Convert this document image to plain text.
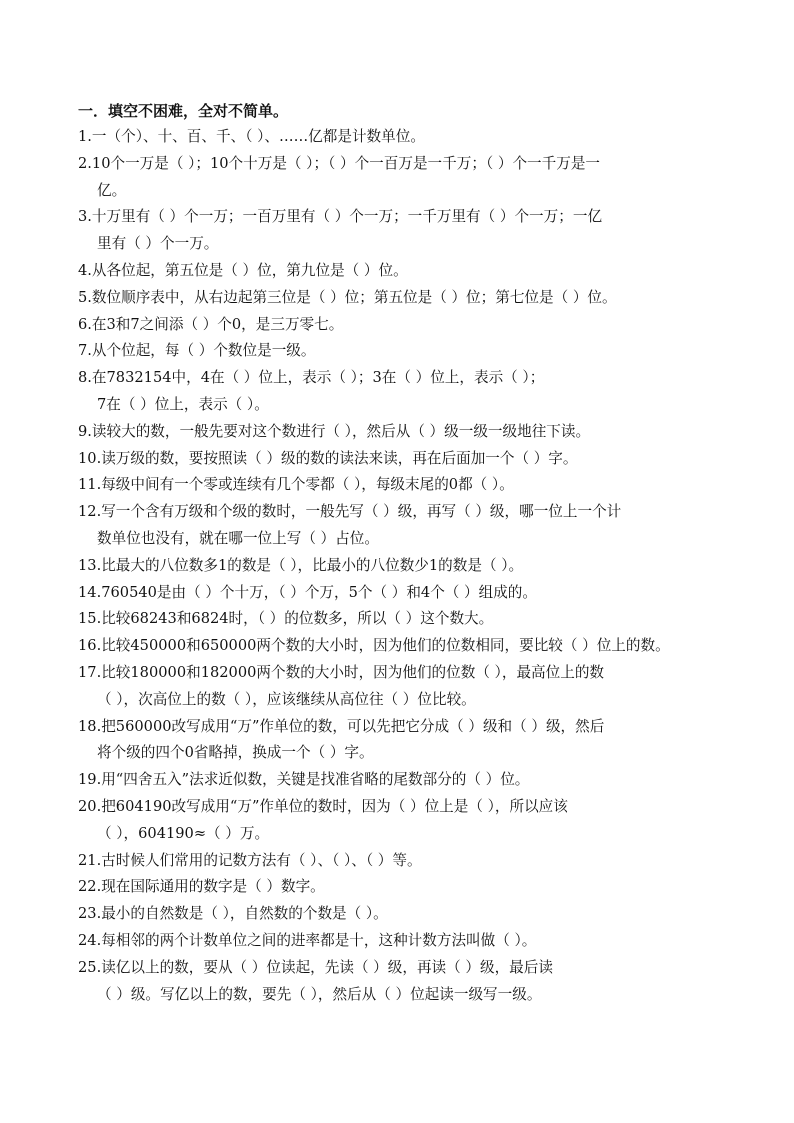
一．填空不困难，全对不简单。
1.一（个）、十、百、千、（ ）、……亿都是计数单位。
2.10个一万是（ ）；10个十万是（ ）；（ ）个一百万是一千万；（ ）个一千万是一
亿。
3.十万里有（ ）个一万；一百万里有（ ）个一万；一千万里有（ ）个一万；一亿
里有（ ）个一万。
4.从各位起，第五位是（ ）位，第九位是（ ）位。
5.数位顺序表中，从右边起第三位是（ ）位；第五位是（ ）位；第七位是（ ）位。
6.在3和7之间添（ ）个0，是三万零七。
7.从个位起，每（ ）个数位是一级。
8.在7832154中，4在（ ）位上，表示（ ）；3在（ ）位上，表示（ ）；
7在（ ）位上，表示（ ）。
9.读较大的数，一般先要对这个数进行（ ），然后从（ ）级一级一级地往下读。
10.读万级的数，要按照读（ ）级的数的读法来读，再在后面加一个（ ）字。
11.每级中间有一个零或连续有几个零都（ ），每级末尾的0都（ ）。
12.写一个含有万级和个级的数时，一般先写（ ）级，再写（ ）级，哪一位上一个计
数单位也没有，就在哪一位上写（ ）占位。
13.比最大的八位数多1的数是（ ），比最小的八位数少1的数是（ ）。
14.760540是由（ ）个十万，（ ）个万，5个（ ）和4个（ ）组成的。
15.比较68243和6824时，（ ）的位数多，所以（ ）这个数大。
16.比较450000和650000两个数的大小时，因为他们的位数相同，要比较（ ）位上的数。
17.比较180000和182000两个数的大小时，因为他们的位数（ ），最高位上的数
（ ），次高位上的数（ ），应该继续从高位往（ ）位比较。
18.把560000改写成用“万”作单位的数，可以先把它分成（ ）级和（ ）级，然后
将个级的四个0省略掉，换成一个（ ）字。
19.用“四舍五入”法求近似数，关键是找准省略的尾数部分的（ ）位。
20.把604190改写成用“万”作单位的数时，因为（ ）位上是（ ），所以应该
（ ），604190≈（ ）万。
21.古时候人们常用的记数方法有（ ）、（ ）、（ ）等。
22.现在国际通用的数字是（ ）数字。
23.最小的自然数是（ ），自然数的个数是（ ）。
24.每相邻的两个计数单位之间的进率都是十，这种计数方法叫做（ ）。
25.读亿以上的数，要从（ ）位读起，先读（ ）级，再读（ ）级，最后读
（ ）级。写亿以上的数，要先（ ），然后从（ ）位起读一级写一级。
